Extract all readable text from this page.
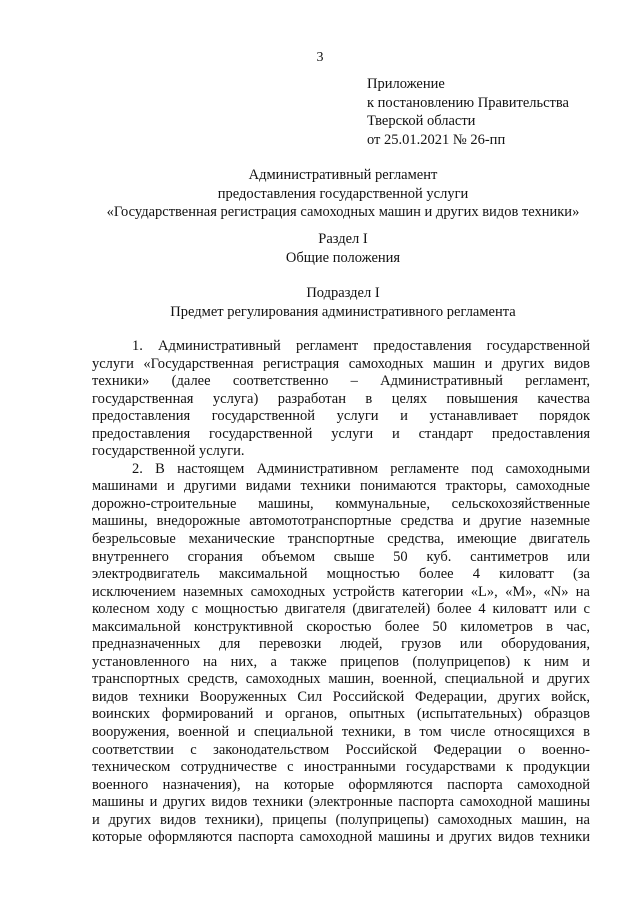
3
Приложение
к постановлению Правительства
Тверской области
от 25.01.2021 № 26-пп
Административный регламент
предоставления государственной услуги
«Государственная регистрация самоходных машин и других видов техники»
Раздел I
Общие положения
Подраздел I
Предмет регулирования административного регламента
1. Административный регламент предоставления государственной
услуги «Государственная регистрация самоходных машин и других видов
техники» (далее соответственно – Административный регламент,
государственная услуга) разработан в целях повышения качества
предоставления государственной услуги и устанавливает порядок
предоставления государственной услуги и стандарт предоставления
государственной услуги.
2. В настоящем Административном регламенте под самоходными
машинами и другими видами техники понимаются тракторы, самоходные
дорожно-строительные машины, коммунальные, сельскохозяйственные
машины, внедорожные автомототранспортные средства и другие наземные
безрельсовые механические транспортные средства, имеющие двигатель
внутреннего сгорания объемом свыше 50 куб. сантиметров или
электродвигатель максимальной мощностью более 4 киловатт (за
исключением наземных самоходных устройств категории «L», «M», «N» на
колесном ходу с мощностью двигателя (двигателей) более 4 киловатт или с
максимальной конструктивной скоростью более 50 километров в час,
предназначенных для перевозки людей, грузов или оборудования,
установленного на них, а также прицепов (полуприцепов) к ним и
транспортных средств, самоходных машин, военной, специальной и других
видов техники Вооруженных Сил Российской Федерации, других войск,
воинских формирований и органов, опытных (испытательных) образцов
вооружения, военной и специальной техники, в том числе относящихся в
соответствии с законодательством Российской Федерации о военно-
техническом сотрудничестве с иностранными государствами к продукции
военного назначения), на которые оформляются паспорта самоходной
машины и других видов техники (электронные паспорта самоходной машины
и других видов техники), прицепы (полуприцепы) самоходных машин, на
которые оформляются паспорта самоходной машины и других видов техники
